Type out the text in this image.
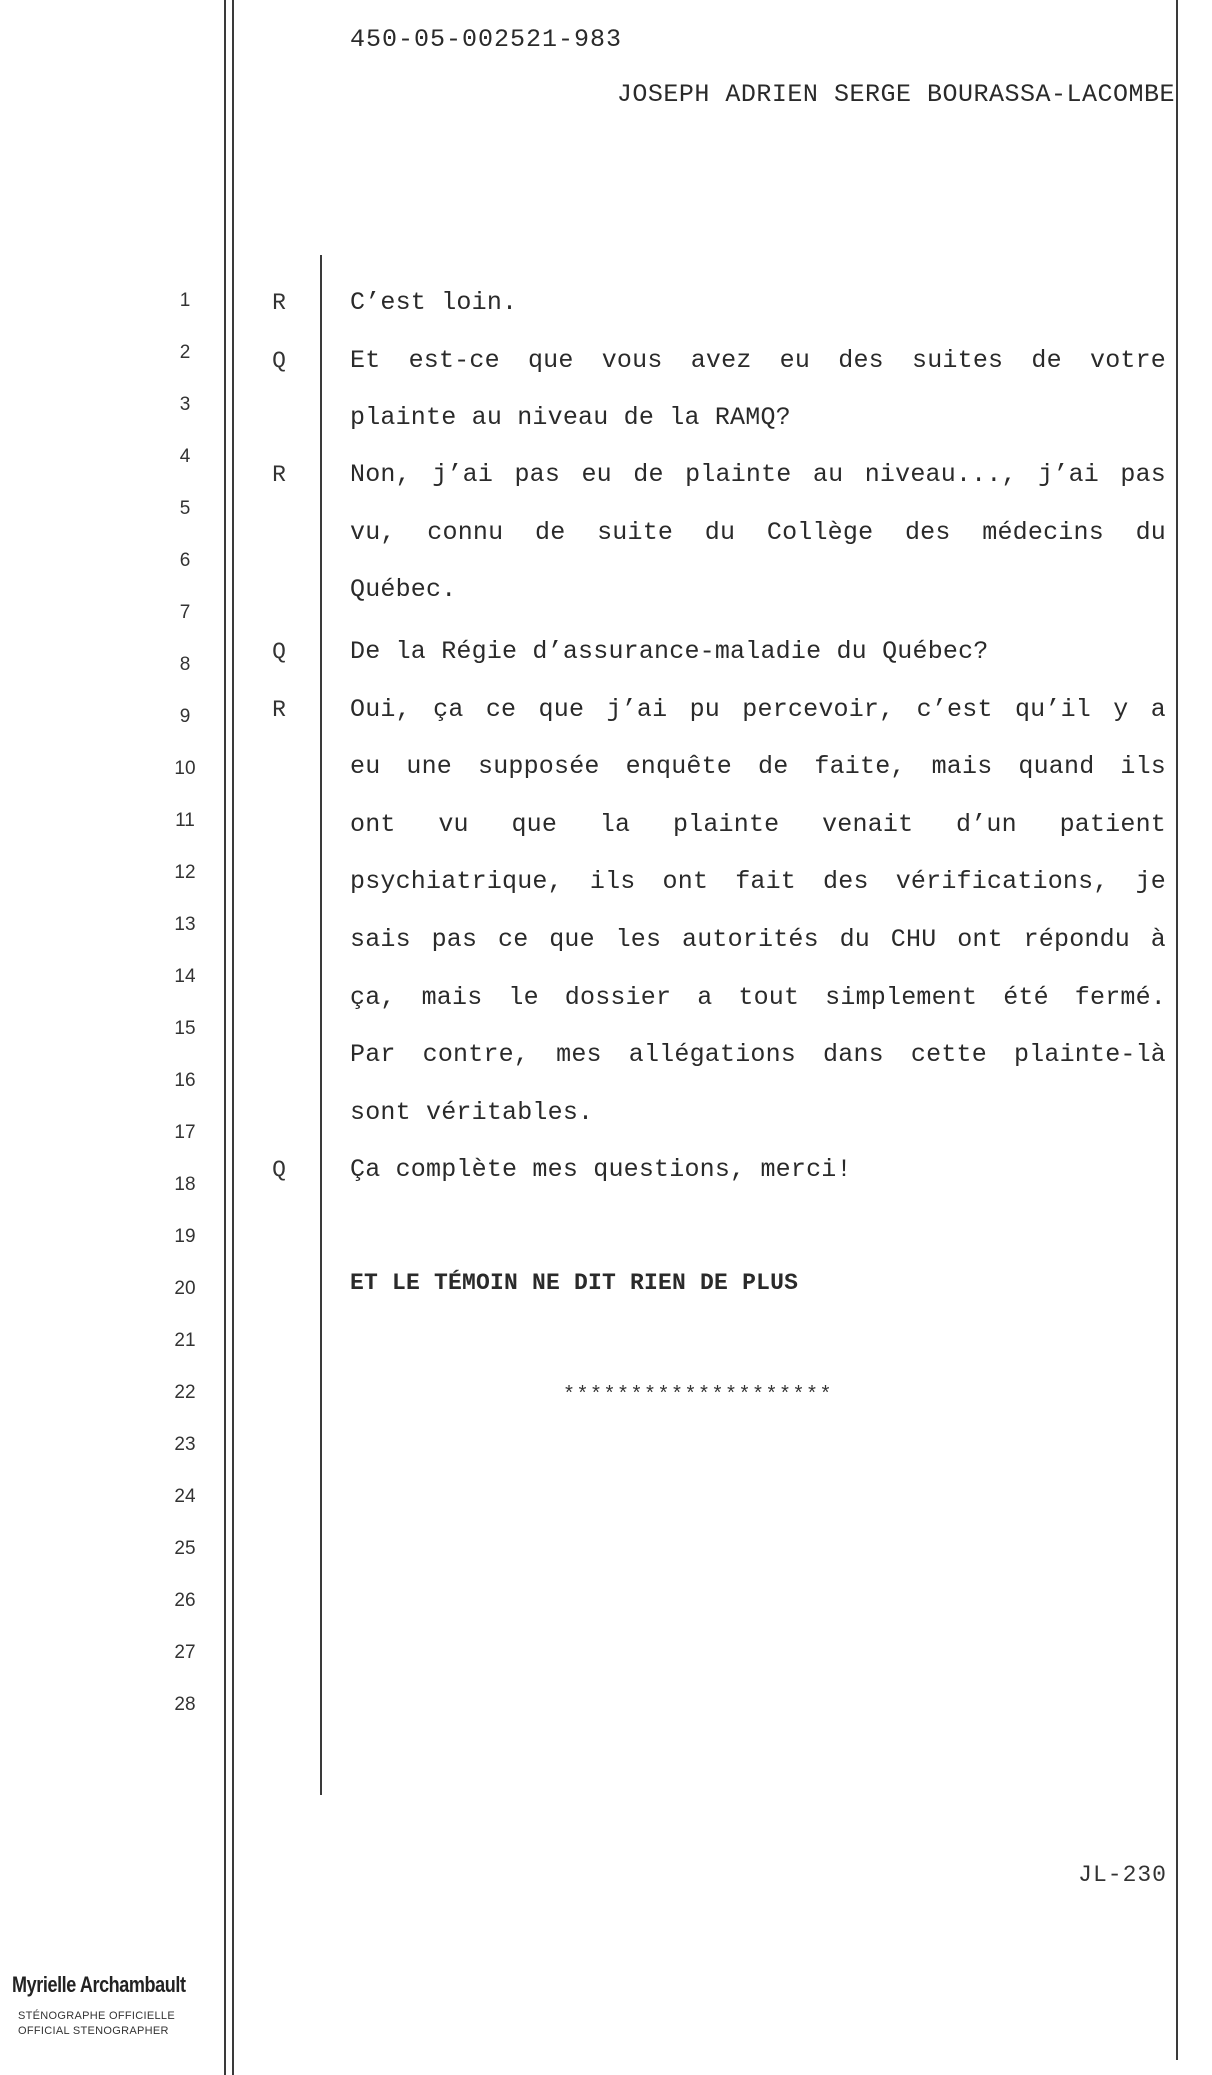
450-05-002521-983
JOSEPH ADRIEN SERGE BOURASSA-LACOMBE
1
2
3
4
5
6
7
8
9
10
11
12
13
14
15
16
17
18
19
20
21
22
23
24
25
26
27
28
R
Q
R
Q
R
Q
C’est loin.
Et est-ce que vous avez eu des suites de votre
plainte au niveau de la RAMQ?
Non, j’ai pas eu de plainte au niveau..., j’ai pas
vu, connu de suite du Collège des médecins du
Québec.
De la Régie d’assurance-maladie du Québec?
Oui, ça ce que j’ai pu percevoir, c’est qu’il y a
eu une supposée enquête de faite, mais quand ils
ont vu que la plainte venait d’un patient
psychiatrique, ils ont fait des vérifications, je
sais pas ce que les autorités du CHU ont répondu à
ça, mais le dossier a tout simplement été fermé.
Par contre, mes allégations dans cette plainte-là
sont véritables.
Ça complète mes questions, merci!
ET LE TÉMOIN NE DIT RIEN DE PLUS
********************
JL-230
Myrielle Archambault
STÉNOGRAPHE OFFICIELLE
OFFICIAL STENOGRAPHER
